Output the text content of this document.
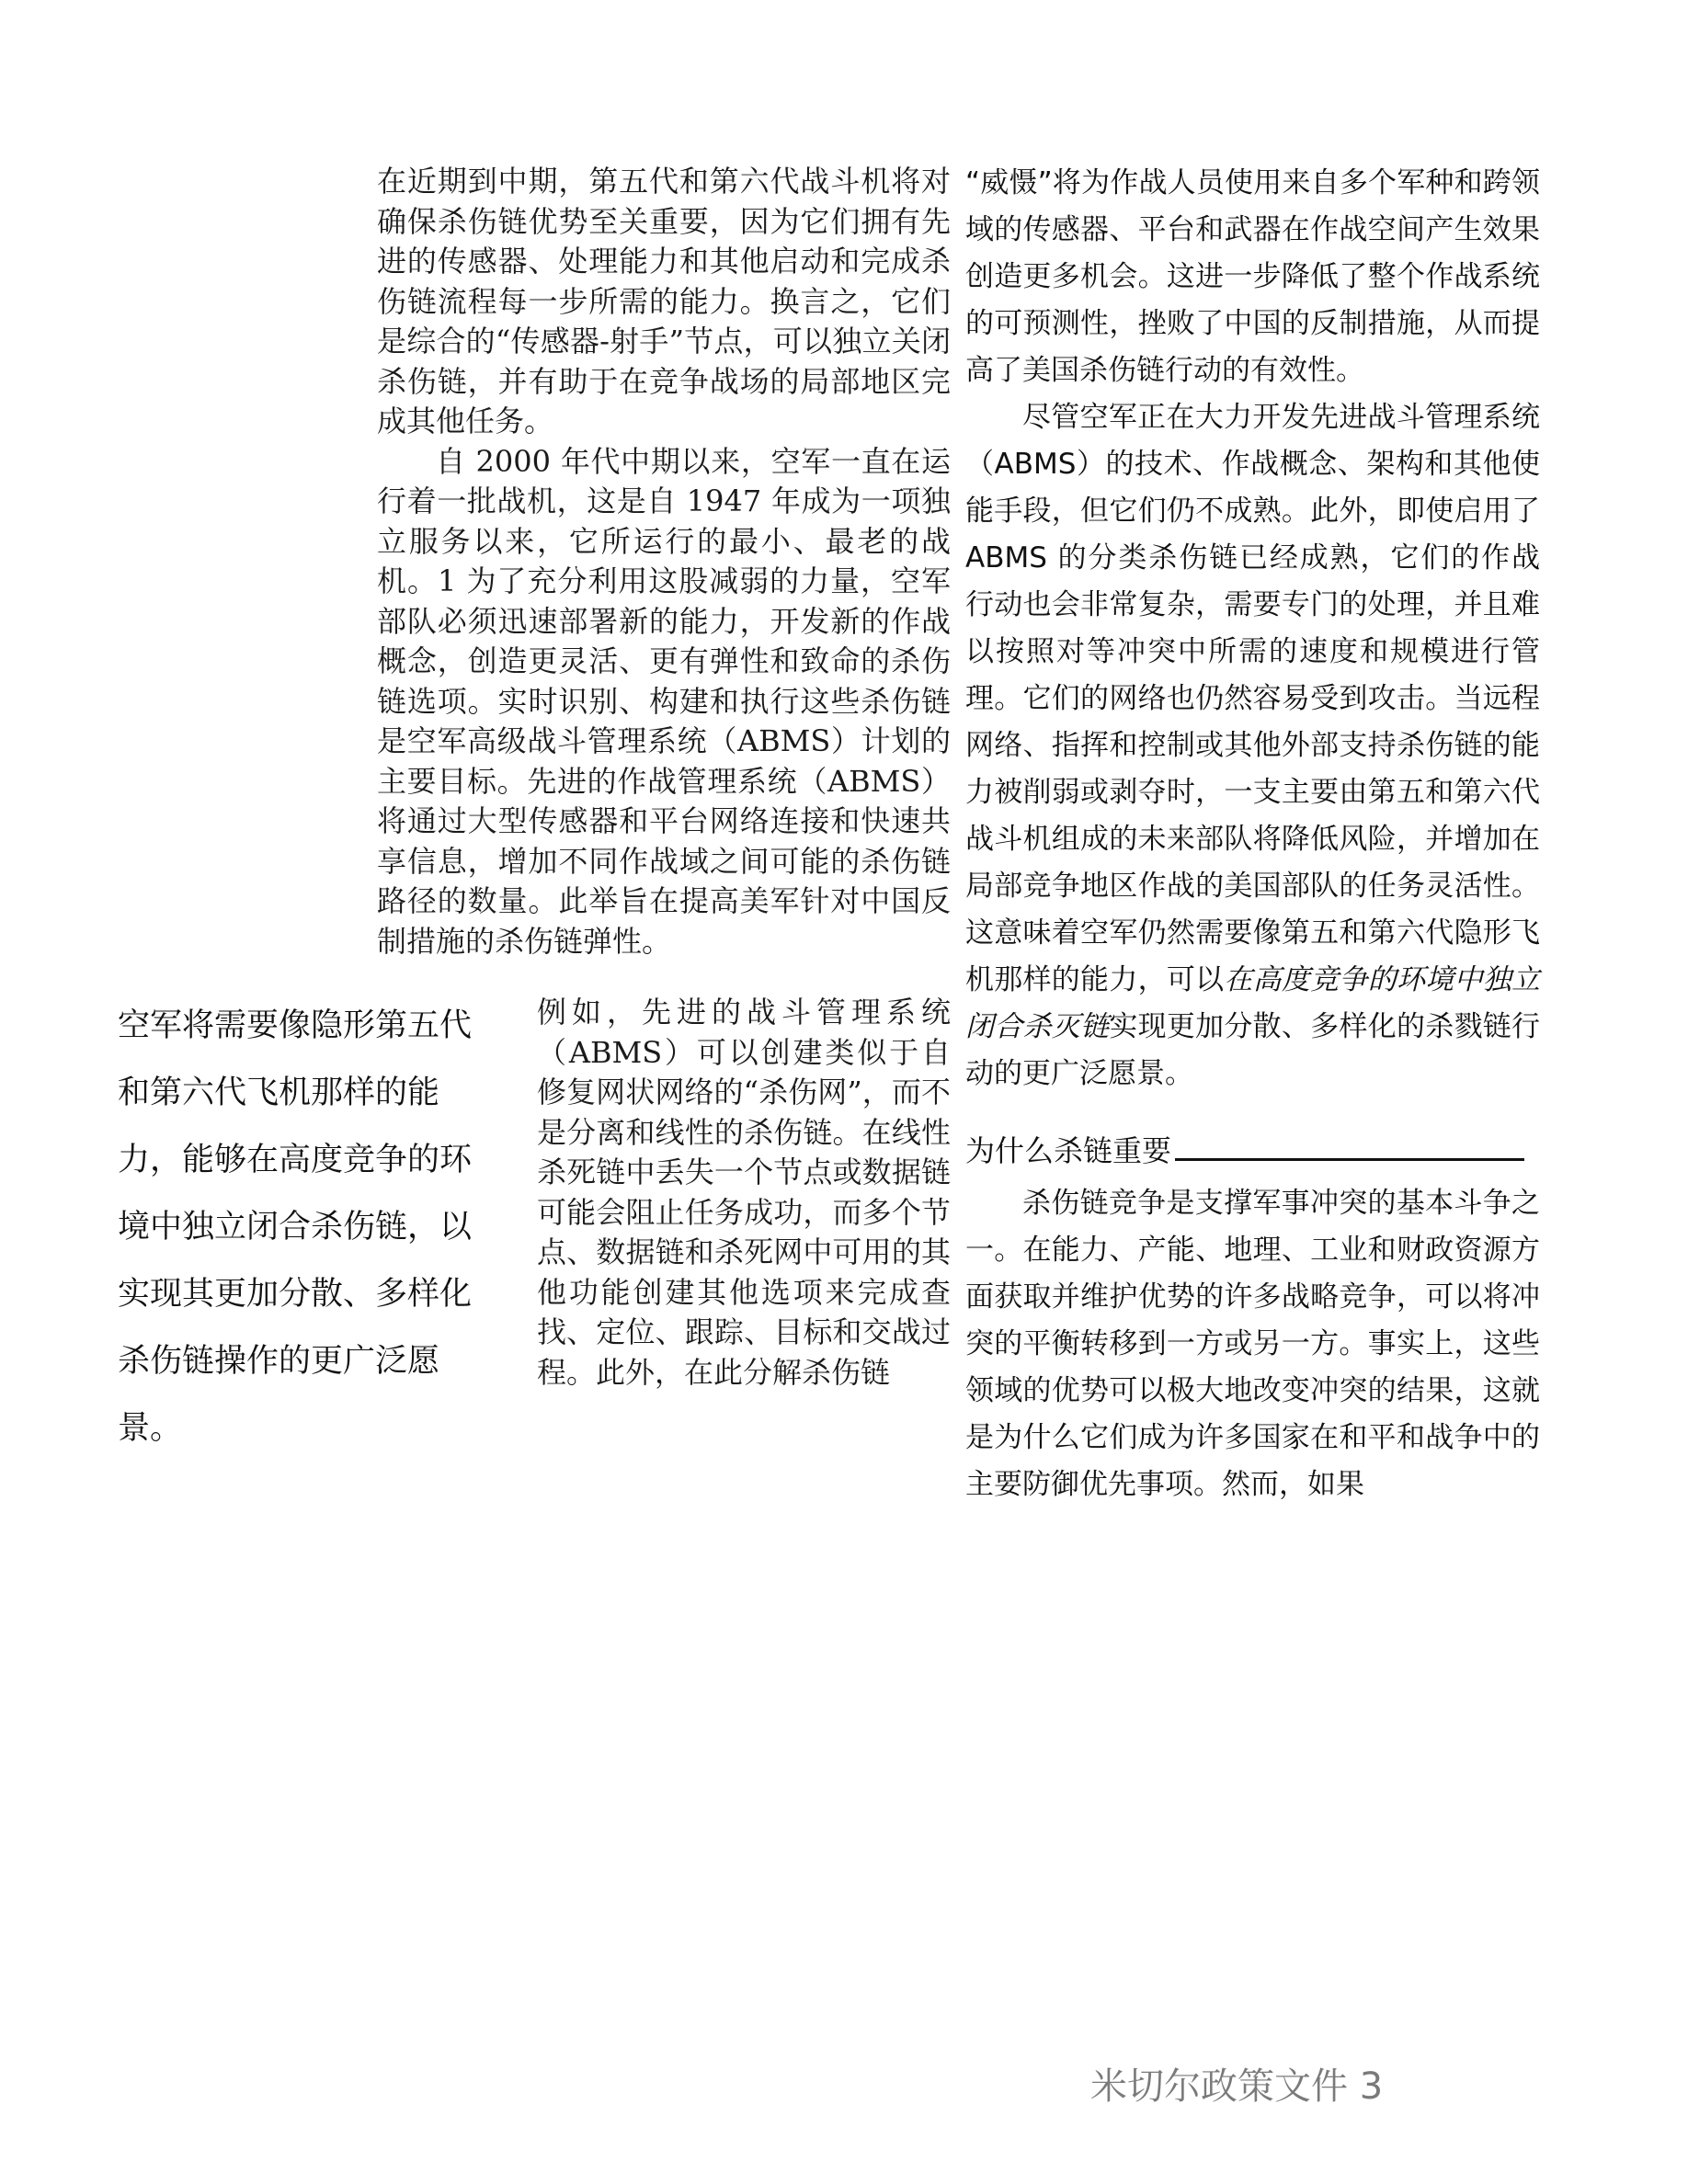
在近期到中期，第五代和第六代战斗机将对确保杀伤链优势至关重要，因为它们拥有先进的传感器、处理能力和其他启动和完成杀伤链流程每一步所需的能力。换言之，它们是综合的“传感器-射手”节点，可以独立关闭杀伤链，并有助于在竞争战场的局部地区完成其他任务。

自 2000 年代中期以来，空军一直在运行着一批战机，这是自 1947 年成为一项独立服务以来，它所运行的最小、最老的战机。1 为了充分利用这股减弱的力量，空军部队必须迅速部署新的能力，开发新的作战概念，创造更灵活、更有弹性和致命的杀伤链选项。实时识别、构建和执行这些杀伤链是空军高级战斗管理系统（ABMS）计划的主要目标。先进的作战管理系统（ABMS）将通过大型传感器和平台网络连接和快速共享信息，增加不同作战域之间可能的杀伤链路径的数量。此举旨在提高美军针对中国反制措施的杀伤链弹性。

空军将需要像隐形第五代和第六代飞机那样的能力，能够在高度竞争的环境中独立闭合杀伤链，以实现其更加分散、多样化杀伤链操作的更广泛愿景。

例如，先进的战斗管理系统（ABMS）可以创建类似于自修复网状网络的“杀伤网”，而不是分离和线性的杀伤链。在线性杀死链中丢失一个节点或数据链可能会阻止任务成功，而多个节点、数据链和杀死网中可用的其他功能创建其他选项来完成查找、定位、跟踪、目标和交战过程。此外，在此分解杀伤链

“威慑”将为作战人员使用来自多个军种和跨领域的传感器、平台和武器在作战空间产生效果创造更多机会。这进一步降低了整个作战系统的可预测性，挫败了中国的反制措施，从而提高了美国杀伤链行动的有效性。

尽管空军正在大力开发先进战斗管理系统（ABMS）的技术、作战概念、架构和其他使能手段，但它们仍不成熟。此外，即使启用了 ABMS 的分类杀伤链已经成熟，它们的作战行动也会非常复杂，需要专门的处理，并且难以按照对等冲突中所需的速度和规模进行管理。它们的网络也仍然容易受到攻击。当远程网络、指挥和控制或其他外部支持杀伤链的能力被削弱或剥夺时，一支主要由第五和第六代战斗机组成的未来部队将降低风险，并增加在局部竞争地区作战的美国部队的任务灵活性。这意味着空军仍然需要像第五和第六代隐形飞机那样的能力，可以在高度竞争的环境中独立闭合杀灭链实现更加分散、多样化的杀戮链行动的更广泛愿景。

为什么杀链重要

杀伤链竞争是支撑军事冲突的基本斗争之一。在能力、产能、地理、工业和财政资源方面获取并维护优势的许多战略竞争，可以将冲突的平衡转移到一方或另一方。事实上，这些领域的优势可以极大地改变冲突的结果，这就是为什么它们成为许多国家在和平和战争中的主要防御优先事项。然而，如果

米切尔政策文件 3
